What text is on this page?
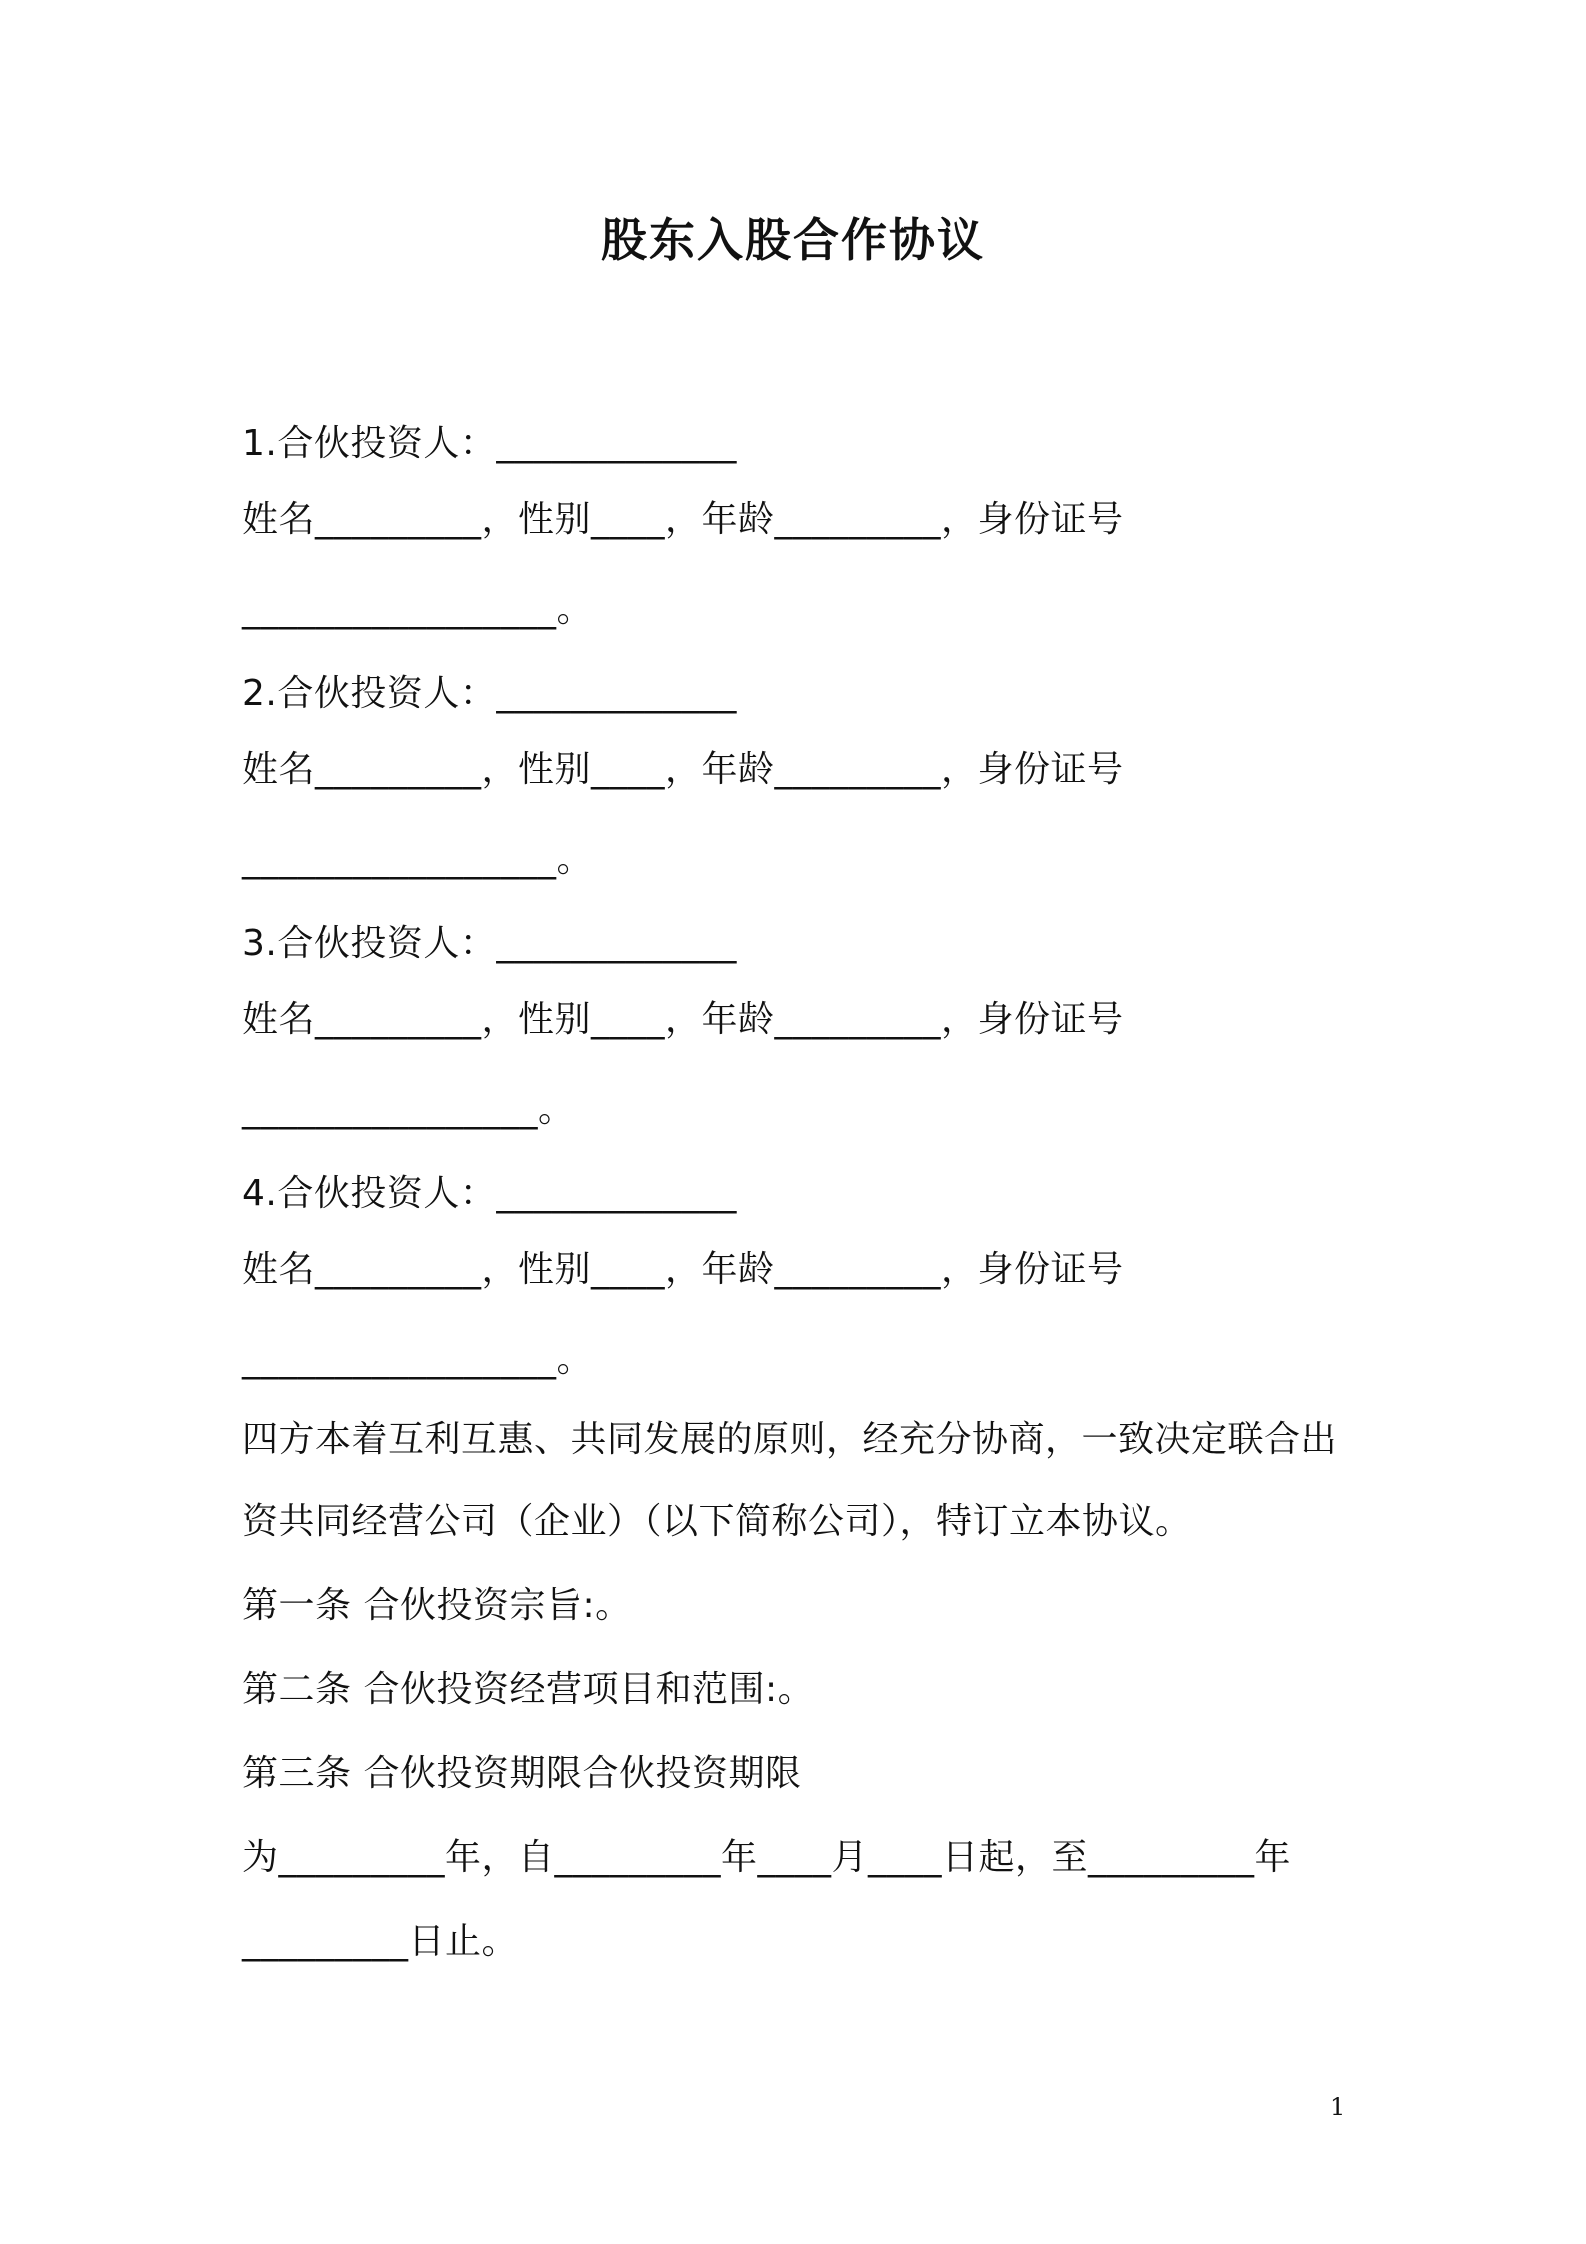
股东入股合作协议
1.合伙投资人：_____________
姓名_________，性别____，年龄_________，身份证号
_________________。
2.合伙投资人：_____________
姓名_________，性别____，年龄_________，身份证号
_________________。
3.合伙投资人：_____________
姓名_________，性别____，年龄_________，身份证号
________________。
4.合伙投资人：_____________
姓名_________，性别____，年龄_________，身份证号
_________________。
四方本着互利互惠、共同发展的原则，经充分协商，一致决定联合出
资共同经营公司（企业）（以下简称公司），特订立本协议。
第一条 合伙投资宗旨:。
第二条 合伙投资经营项目和范围:。
第三条 合伙投资期限合伙投资期限
为_________年，自_________年____月____日起，至_________年
_________日止。
1
